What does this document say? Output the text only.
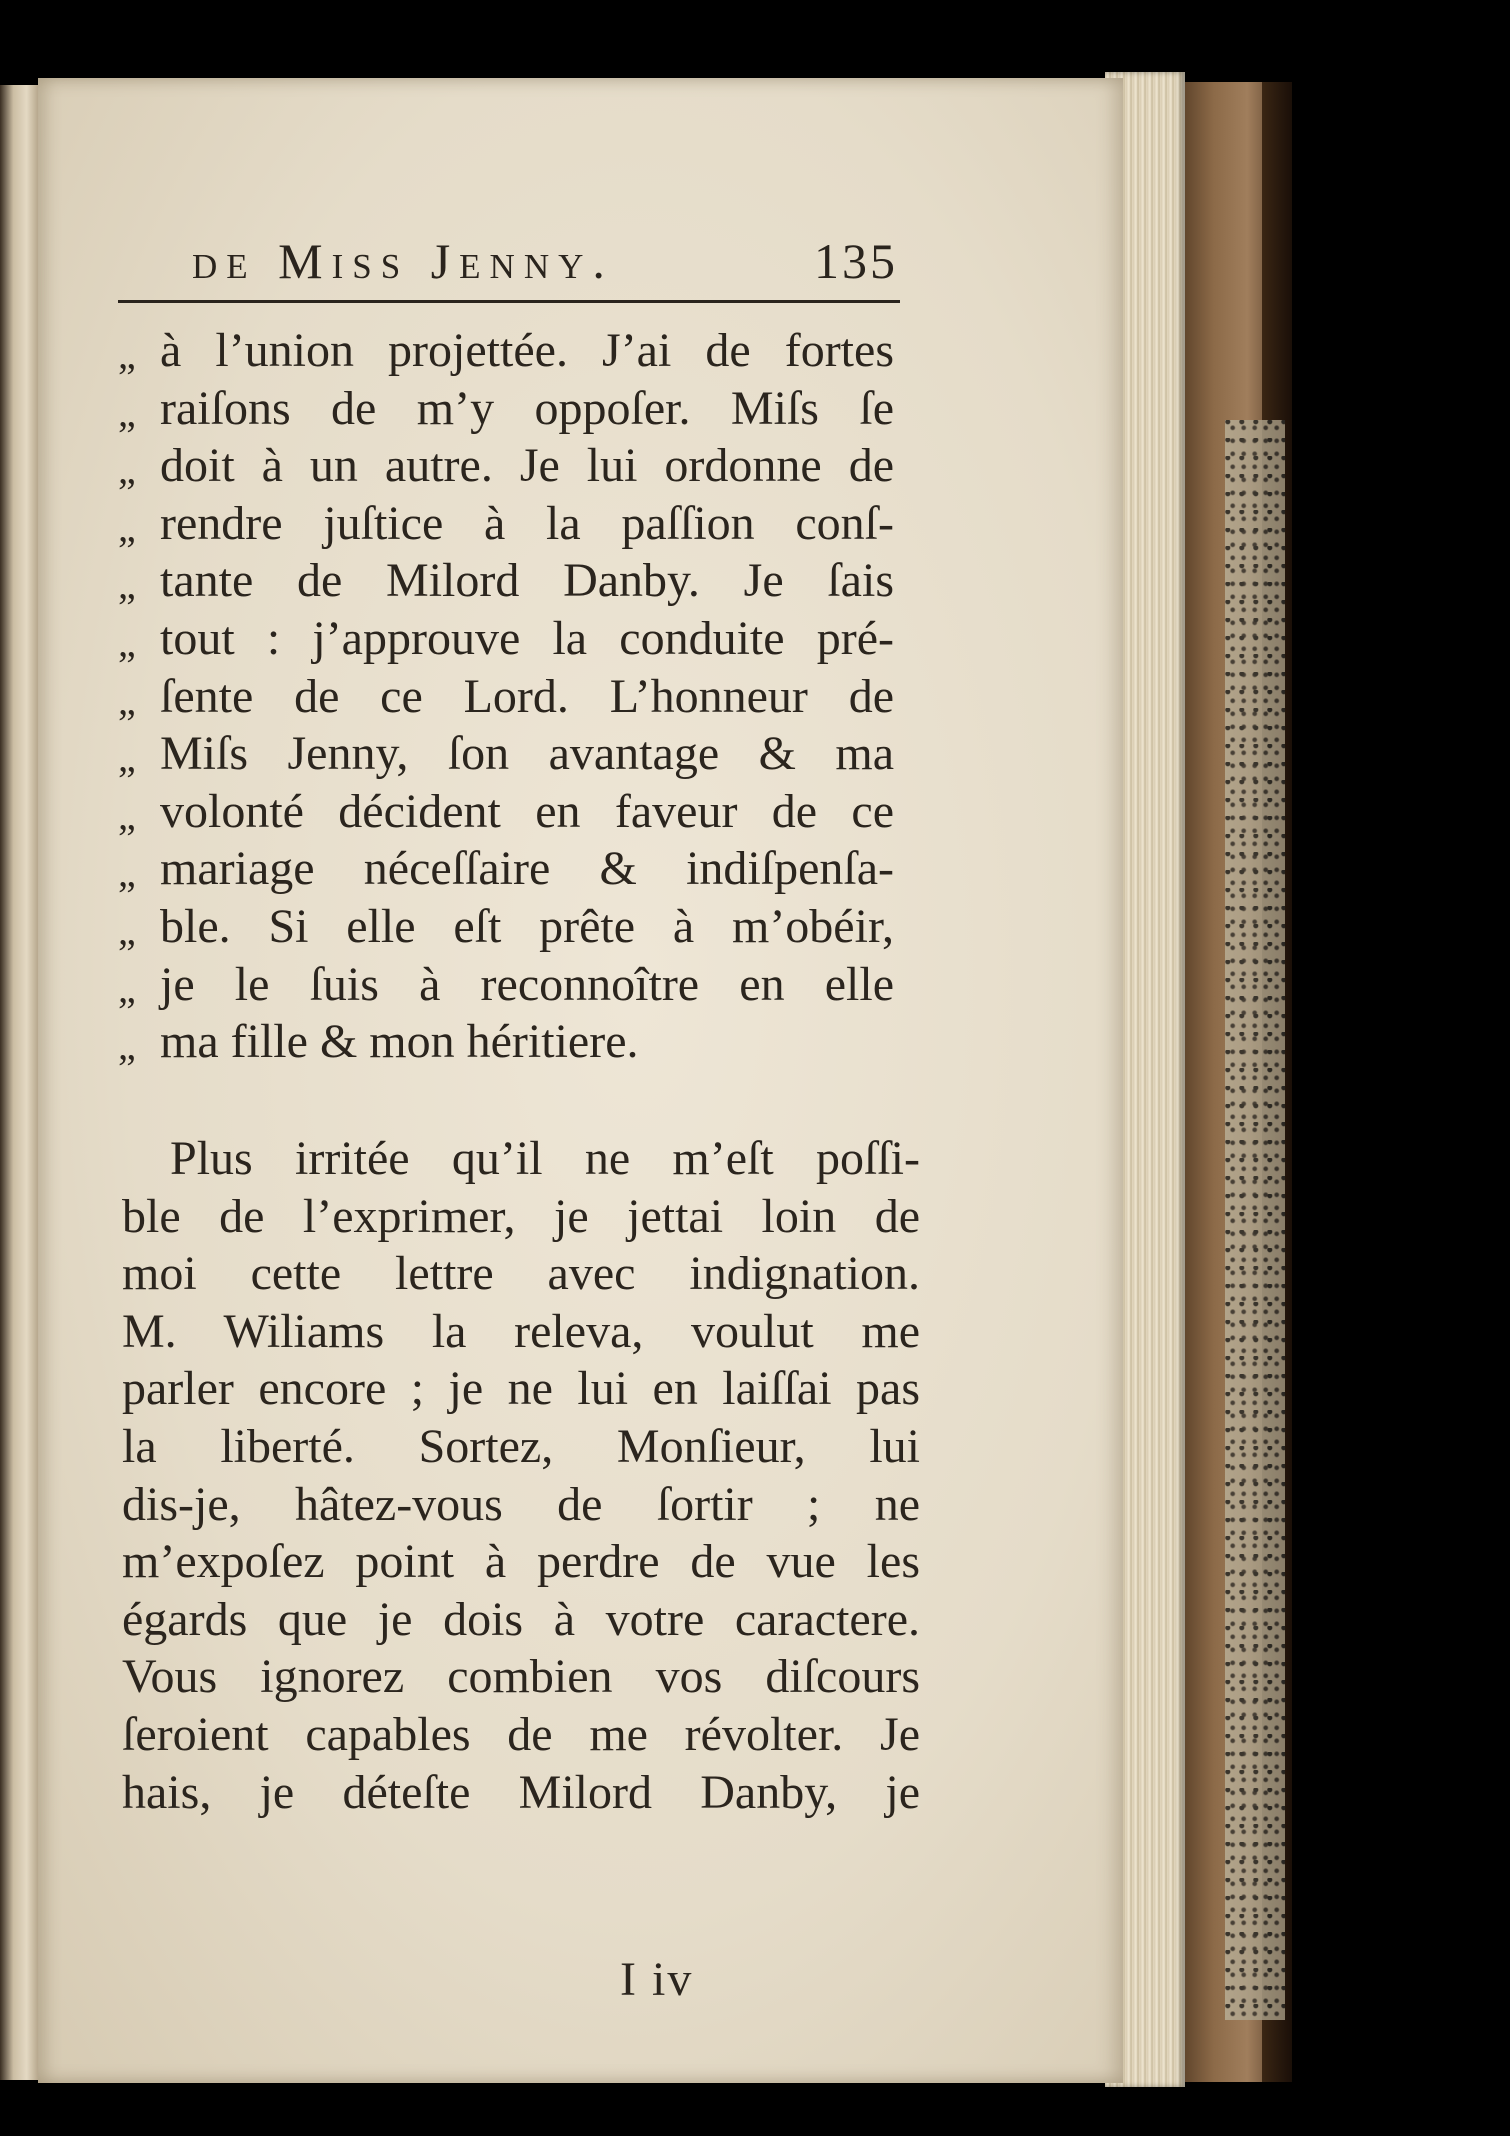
de Miss Jenny.	135
„ à l’union projettée. J’ai de fortes
„ raiſons de m’y oppoſer. Miſs ſe
„ doit à un autre. Je lui ordonne de
„ rendre juſtice à la paſſion conſ-
„ tante de Milord Danby. Je ſais
„ tout : j’approuve la conduite pré-
„ ſente de ce Lord. L’honneur de
„ Miſs Jenny, ſon avantage & ma
„ volonté décident en faveur de ce
„ mariage néceſſaire & indiſpenſa-
„ ble. Si elle eſt prête à m’obéir,
„ je le ſuis à reconnoître en elle
„ ma fille & mon héritiere.
Plus irritée qu’il ne m’eſt poſſi-
ble de l’exprimer, je jettai loin de
moi cette lettre avec indignation.
M. Wiliams la releva, voulut me
parler encore ; je ne lui en laiſſai pas
la liberté. Sortez, Monſieur, lui
dis-je, hâtez-vous de ſortir ; ne
m’expoſez point à perdre de vue les
égards que je dois à votre caractere.
Vous ignorez combien vos diſcours
ſeroient capables de me révolter. Je
hais, je déteſte Milord Danby, je
I iv
